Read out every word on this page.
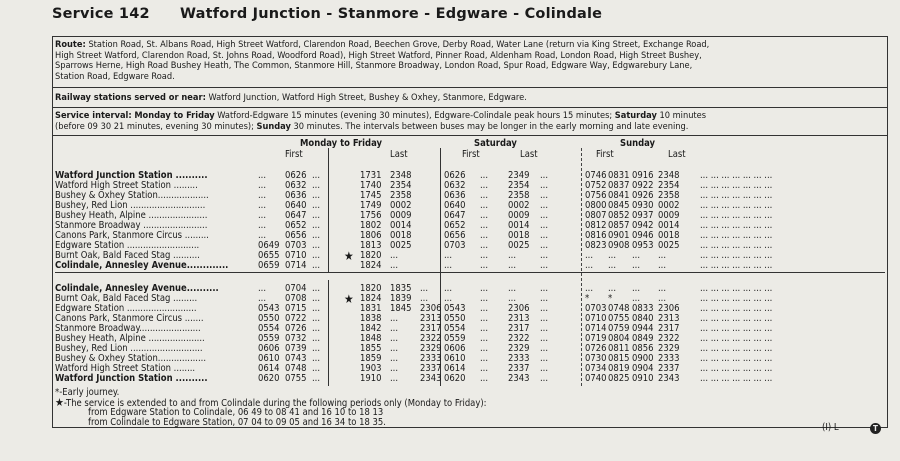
Service 142 Watford Junction - Stanmore - Edgware - Colindale
Route: Station Road, St. Albans Road, High Street Watford, Clarendon Road, Beechen Grove, Derby Road, Water Lane (return via King Street, Exchange Road,
High Street Watford, Clarendon Road, St. Johns Road, Woodford Road), High Street Watford, Pinner Road, Aldenham Road, London Road, High Street Bushey,
Sparrows Herne, High Road Bushey Heath, The Common, Stanmore Hill, Stanmore Broadway, London Road, Spur Road, Edgware Way, Edgwarebury Lane,
Station Road, Edgware Road.
Railway stations served or near: Watford Junction, Watford High Street, Bushey & Oxhey, Stanmore, Edgware.
Service interval: Monday to Friday Watford-Edgware 15 minutes (evening 30 minutes), Edgware-Colindale peak hours 15 minutes; Saturday 10 minutes
(before 09 30 21 minutes, evening 30 minutes); Sunday 30 minutes. The intervals between buses may be longer in the early morning and late evening.
Monday to Friday	Saturday	Sunday
First	Last	First	Last	First	Last
Watford Junction Station ..........	... 0626 ...	1731 2348	0626 ... 2349 ...	0746 0831 0916 2348 ... ... ... ... ... ... ...
Watford High Street Station .........	... 0632 ...	1740 2354	0632 ... 2354 ...	0752 0837 0922 2354 ... ... ... ... ... ... ...
Bushey & Oxhey Station...................	... 0636 ...	1745 2358	0636 ... 2358 ...	0756 0841 0926 2358 ... ... ... ... ... ... ...
Bushey, Red Lion ............................	... 0640 ...	1749 0002	0640 ... 0002 ...	0800 0845 0930 0002 ... ... ... ... ... ... ...
Bushey Heath, Alpine ......................	... 0647 ...	1756 0009	0647 ... 0009 ...	0807 0852 0937 0009 ... ... ... ... ... ... ...
Stanmore Broadway ........................	... 0652 ...	1802 0014	0652 ... 0014 ...	0812 0857 0942 0014 ... ... ... ... ... ... ...
Canons Park, Stanmore Circus .........	... 0656 ...	1806 0018	0656 ... 0018 ...	0816 0901 0946 0018 ... ... ... ... ... ... ...
Edgware Station ...........................	0649 0703 ...	1813 0025	0703 ... 0025 ...	0823 0908 0953 0025 ... ... ... ... ... ... ...
Burnt Oak, Bald Faced Stag ..........	0655 0710 ...	1820 ...	...	... ...	...	... ... ... ...	... ... ... ... ... ... ...
★
Colindale, Annesley Avenue.............	0659 0714 ...	1824 ...	...	... ...	...	... ... ... ...	... ... ... ... ... ... ...
Colindale, Annesley Avenue..........	... 0704 ...	1820 1835 ... ...	... ...	...	... ... ... ...	... ... ... ... ... ... ...
Burnt Oak, Bald Faced Stag .........	... 0708 ...	1824 1839 ... ...	... ...	...	* * ... ...	... ... ... ... ... ... ...
★
Edgware Station ..........................	0543 0715 ...	1831 1845 2306 0543 ... 2306 ...	0703 0748 0833 2306 ... ... ... ... ... ... ...
Canons Park, Stanmore Circus .......	0550 0722 ...	1838 ... 2313 0550 ... 2313 ...	0710 0755 0840 2313 ... ... ... ... ... ... ...
Stanmore Broadway.......................	0554 0726 ...	1842 ... 2317 0554 ... 2317 ...	0714 0759 0944 2317 ... ... ... ... ... ... ...
Bushey Heath, Alpine .....................	0559 0732 ...	1848 ... 2322 0559 ... 2322 ...	0719 0804 0849 2322 ... ... ... ... ... ... ...
Bushey, Red Lion ...........................	0606 0739 ...	1855 ... 2329 0606 ... 2329 ...	0726 0811 0856 2329 ... ... ... ... ... ... ...
Bushey & Oxhey Station..................	0610 0743 ...	1859 ... 2333 0610 ... 2333 ...	0730 0815 0900 2333 ... ... ... ... ... ... ...
Watford High Street Station ........	0614 0748 ...	1903 ... 2337 0614 ... 2337 ...	0734 0819 0904 2337 ... ... ... ... ... ... ...
Watford Junction Station ..........	0620 0755 ...	1910 ... 2343 0620 ... 2343 ...	0740 0825 0910 2343 ... ... ... ... ... ... ...
*-Early journey.
★-The service is extended to and from Colindale during the following periods only (Monday to Friday):
from Edgware Station to Colindale, 06 49 to 08 41 and 16 10 to 18 13
from Colindale to Edgware Station, 07 04 to 09 05 and 16 34 to 18 35.	(I) L	T
